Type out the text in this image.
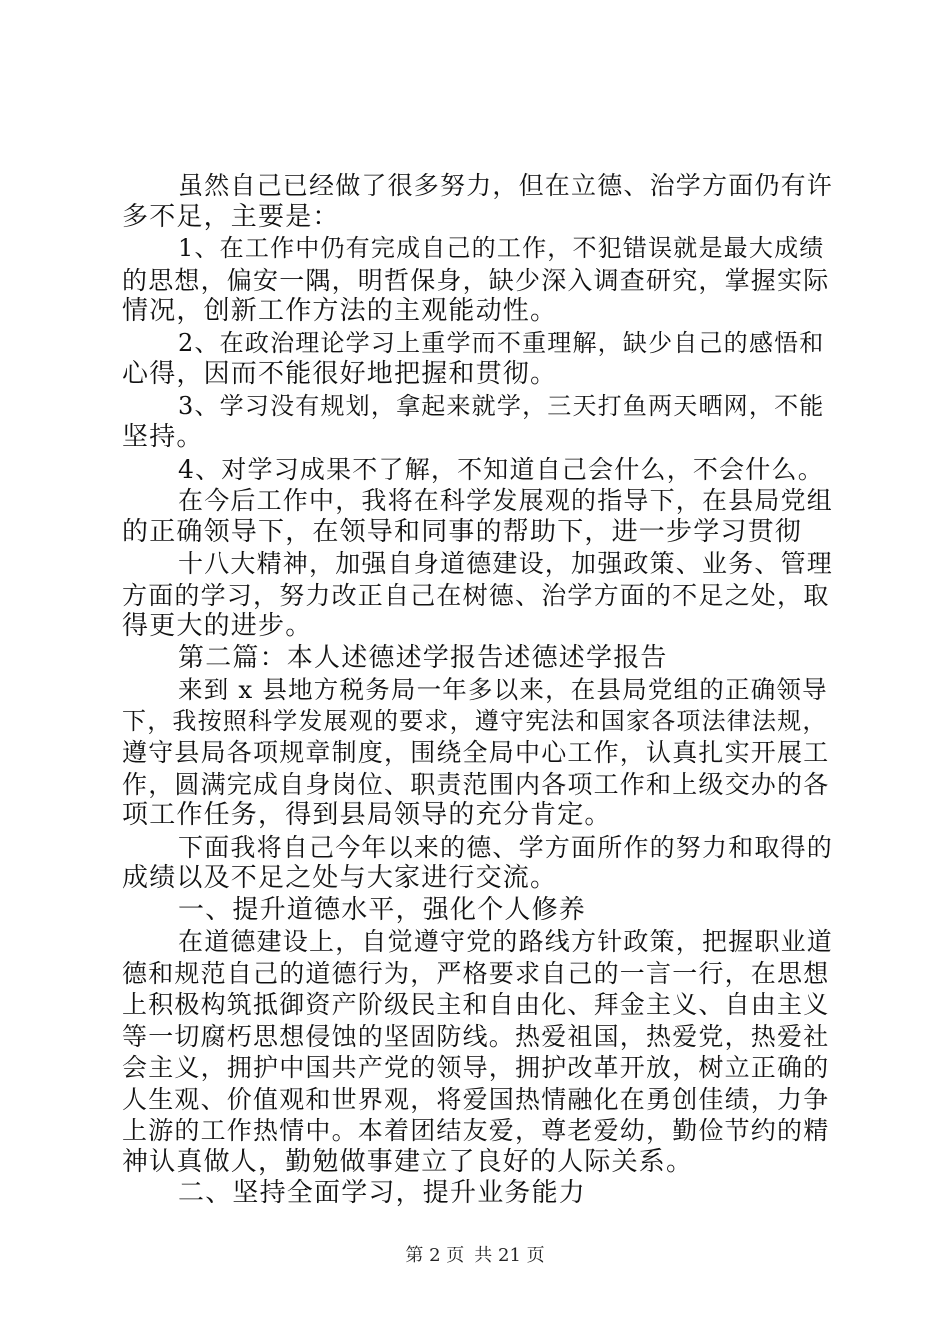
虽然自己已经做了很多努力，但在立德、治学方面仍有许
多不足，主要是：
1、在工作中仍有完成自己的工作，不犯错误就是最大成绩
的思想，偏安一隅，明哲保身，缺少深入调查研究，掌握实际
情况，创新工作方法的主观能动性。
2、在政治理论学习上重学而不重理解，缺少自己的感悟和
心得，因而不能很好地把握和贯彻。
3、学习没有规划，拿起来就学，三天打鱼两天晒网，不能
坚持。
4、对学习成果不了解，不知道自己会什么，不会什么。
在今后工作中，我将在科学发展观的指导下，在县局党组
的正确领导下，在领导和同事的帮助下，进一步学习贯彻
十八大精神，加强自身道德建设，加强政策、业务、管理
方面的学习，努力改正自己在树德、治学方面的不足之处，取
得更大的进步。
第二篇：本人述德述学报告述德述学报告
来到 x 县地方税务局一年多以来，在县局党组的正确领导
下，我按照科学发展观的要求，遵守宪法和国家各项法律法规，
遵守县局各项规章制度，围绕全局中心工作，认真扎实开展工
作，圆满完成自身岗位、职责范围内各项工作和上级交办的各
项工作任务，得到县局领导的充分肯定。
下面我将自己今年以来的德、学方面所作的努力和取得的
成绩以及不足之处与大家进行交流。
一、提升道德水平，强化个人修养
在道德建设上，自觉遵守党的路线方针政策，把握职业道
德和规范自己的道德行为，严格要求自己的一言一行，在思想
上积极构筑抵御资产阶级民主和自由化、拜金主义、自由主义
等一切腐朽思想侵蚀的坚固防线。热爱祖国，热爱党，热爱社
会主义，拥护中国共产党的领导，拥护改革开放，树立正确的
人生观、价值观和世界观，将爱国热情融化在勇创佳绩，力争
上游的工作热情中。本着团结友爱，尊老爱幼，勤俭节约的精
神认真做人，勤勉做事建立了良好的人际关系。
二、坚持全面学习，提升业务能力
第 2 页 共 21 页
